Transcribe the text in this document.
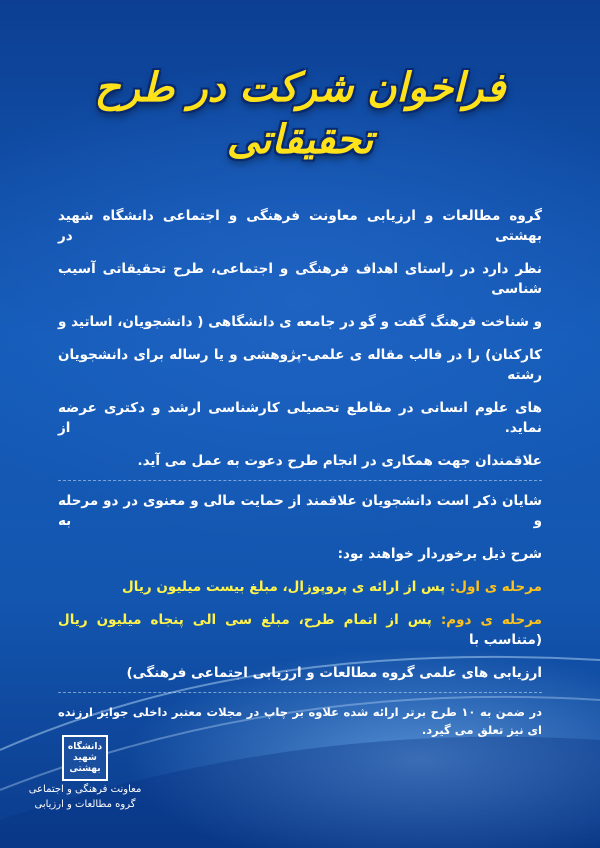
فراخوان شرکت در طرح تحقیقاتی
گروه مطالعات و ارزیابی معاونت فرهنگی و اجتماعی دانشگاه شهید بهشتی در
نظر دارد در راستای اهداف فرهنگی و اجتماعی، طرح تحقیقاتی آسیب شناسی
و شناخت فرهنگ گفت و گو در جامعه ی دانشگاهی ( دانشجویان، اساتید و
کارکنان) را در قالب مقاله ی علمی-پژوهشی و یا رساله برای دانشجویان رشته
های علوم انسانی در مقاطع تحصیلی کارشناسی ارشد و دکتری عرضه نماید. از
علاقمندان جهت همکاری در انجام طرح دعوت به عمل می آید.
شایان ذکر است دانشجویان علاقمند از حمایت مالی و معنوی در دو مرحله و به
شرح ذیل برخوردار خواهند بود:
مرحله ی اول: پس از ارائه ی پروپوزال، مبلغ بیست میلیون ریال
مرحله ی دوم: پس از اتمام طرح، مبلغ سی الی پنجاه میلیون ریال (متناسب با
ارزیابی های علمی گروه مطالعات و ارزیابی اجتماعی فرهنگی)
در ضمن به ۱۰ طرح برتر ارائه شده علاوه بر چاپ در مجلات معتبر داخلی جوایز ارزنده ای نیز تعلق می گیرد.
دانشگاه شهید بهشتی
معاونت فرهنگی و اجتماعی
گروه مطالعات و ارزیابی
